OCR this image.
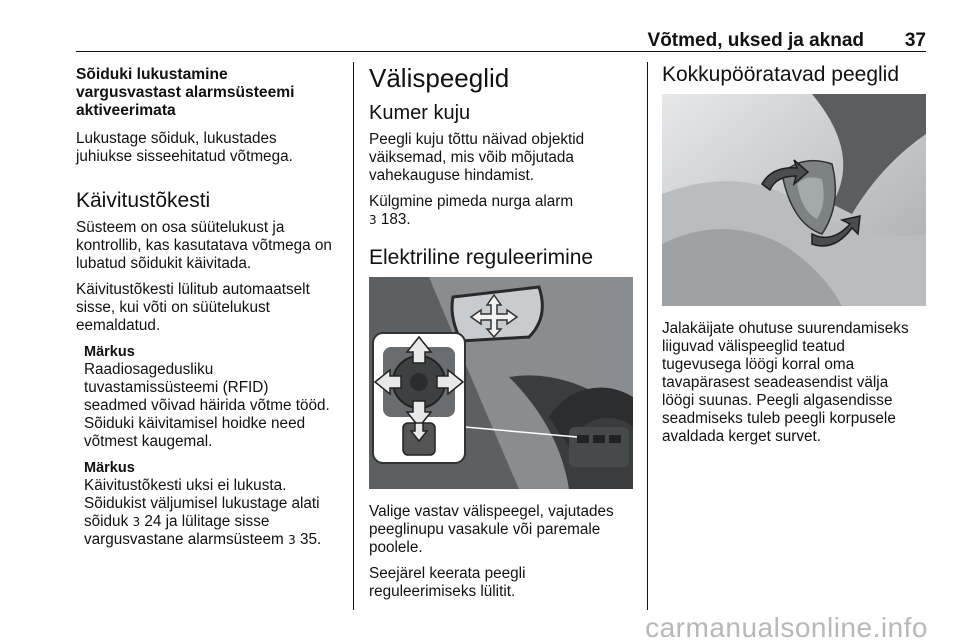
Võtmed, uksed ja aknad 37
Sõiduki lukustamine
vargusvastast alarmsüsteemi
aktiveerimata

Lukustage sõiduk, lukustades
juhiukse sisseehitatud võtmega.

Käivitustõkesti

Süsteem on osa süütelukust ja
kontrollib, kas kasutatava võtmega on
lubatud sõidukit käivitada.

Käivitustõkesti lülitub automaatselt
sisse, kui võti on süütelukust
eemaldatud.

Märkus

Raadiosagedusliku
tuvastamissüsteemi (RFID)
seadmed võivad häirida võtme tööd.
Sõiduki käivitamisel hoidke need
võtmest kaugemal.

Märkus

Käivitustõkesti uksi ei lukusta.
Sõidukist väljumisel lukustage alati
sõiduk 3 24 ja lülitage sisse
vargusvastane alarmsüsteem 3 35.

Välispeeglid
Kumer kuju

Peegli kuju tõttu näivad objektid
väiksemad, mis võib mõjutada
vahekauguse hindamist.

Külgmine pimeda nurga alarm
3 183.

Elektriline reguleerimine

Valige vastav välispeegel, vajutades
peeglinupu vasakule või paremale
poolele.

Seejärel keerata peegli
reguleerimiseks lülitit.

Kokkupööratavad peeglid

Jalakäijate ohutuse suurendamiseks
liiguvad välispeeglid teatud
tugevusega löögi korral oma
tavapärasest seadeasendist välja
löögi suunas. Peegli algasendisse
seadmiseks tuleb peegli korpusele
avaldada kerget survet.

carmanualsonline.info
